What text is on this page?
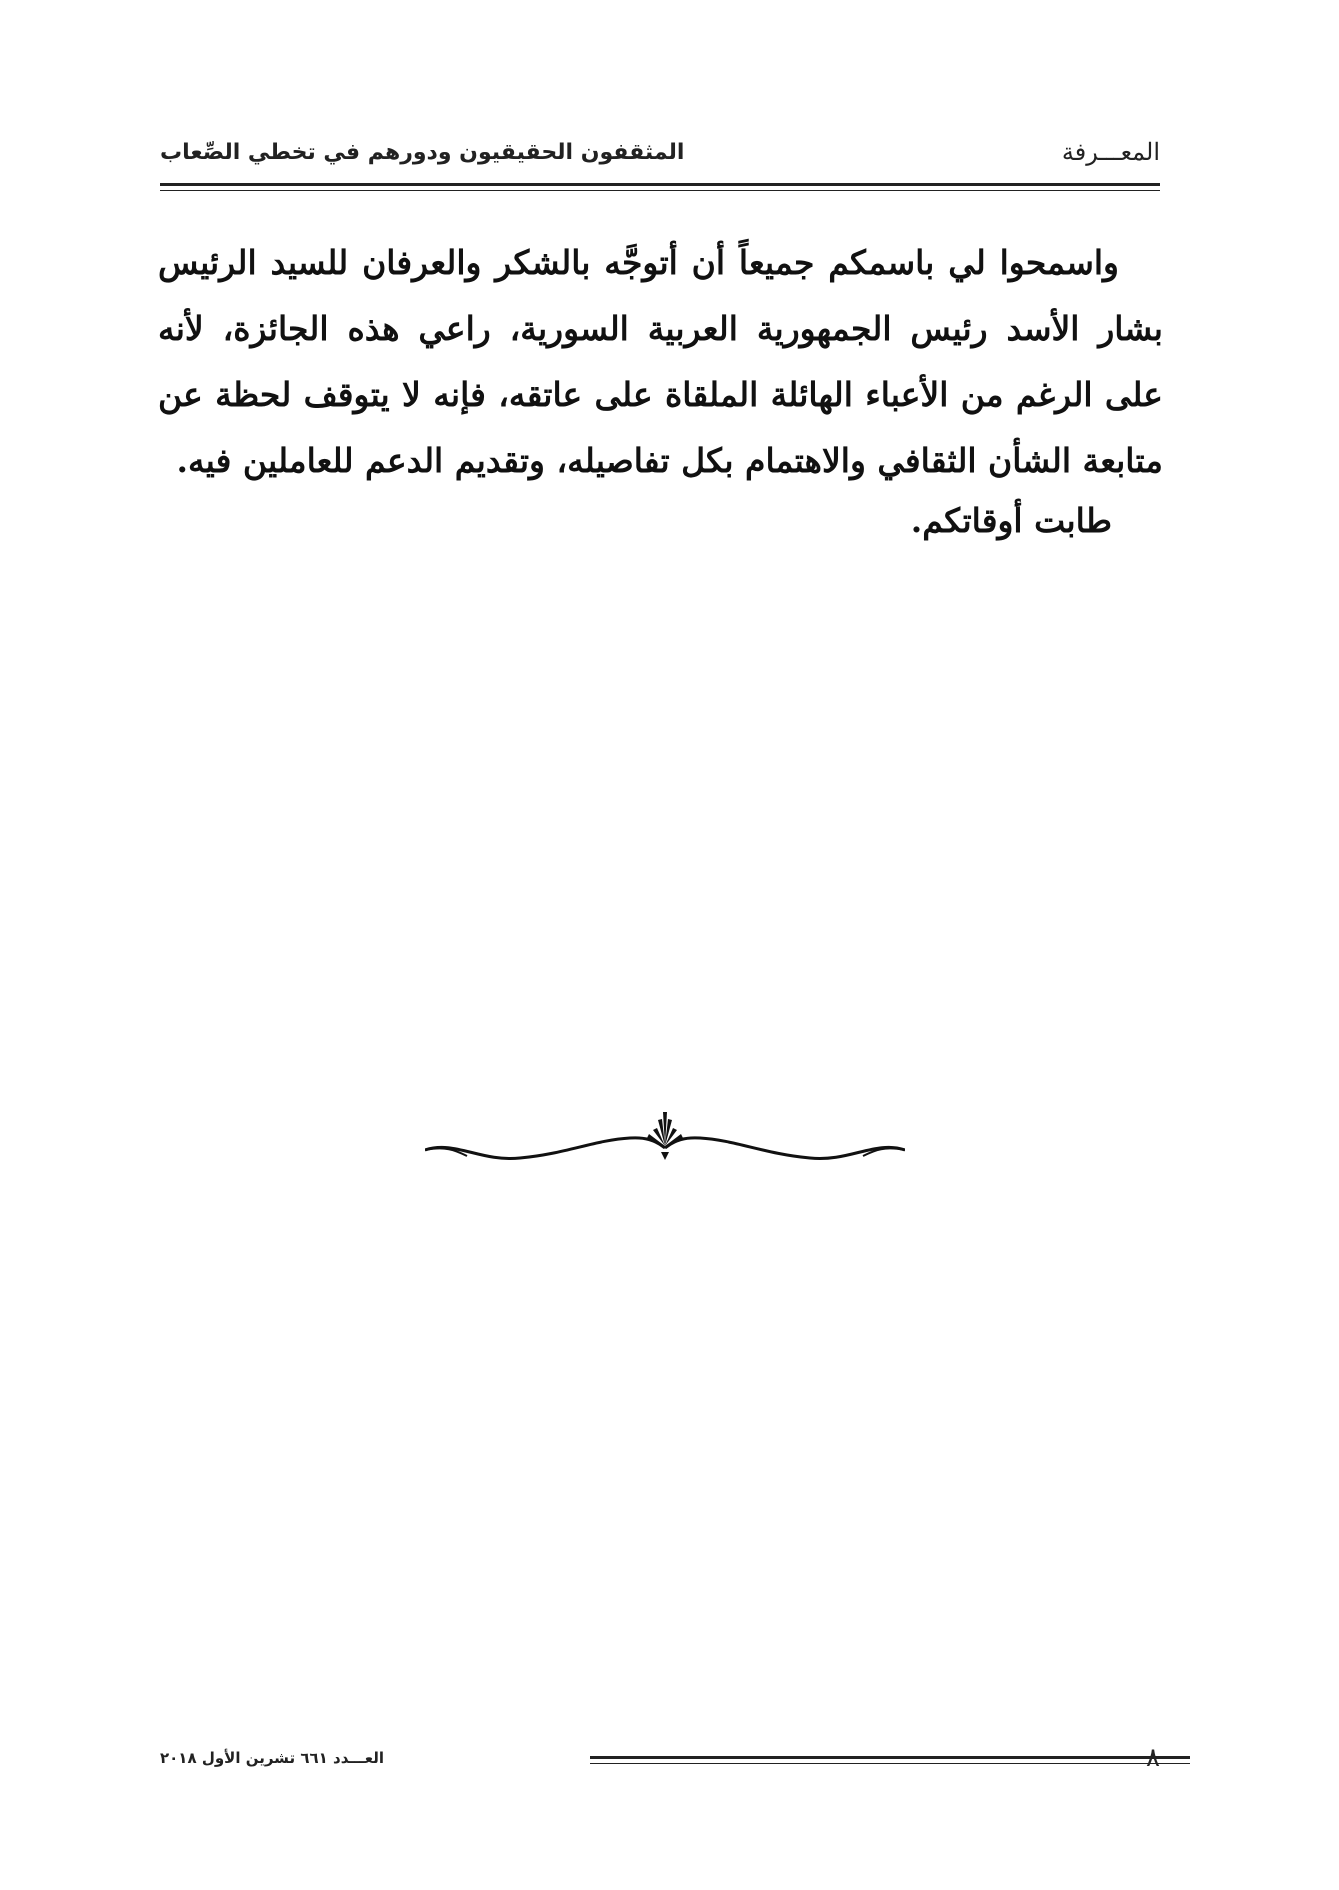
المعـــرفة
المثقفون الحقيقيون ودورهم في تخطي الصِّعاب

واسمحوا لي باسمكم جميعاً أن أتوجَّه بالشكر والعرفان للسيد الرئيس بشار الأسد رئيس الجمهورية العربية السورية، راعي هذه الجائزة، لأنه على الرغم من الأعباء الهائلة الملقاة على عاتقه، فإنه لا يتوقف لحظة عن متابعة الشأن الثقافي والاهتمام بكل تفاصيله، وتقديم الدعم للعاملين فيه.

طابت أوقاتكم.
٨
العـــدد ٦٦١ تشرين الأول ٢٠١٨
